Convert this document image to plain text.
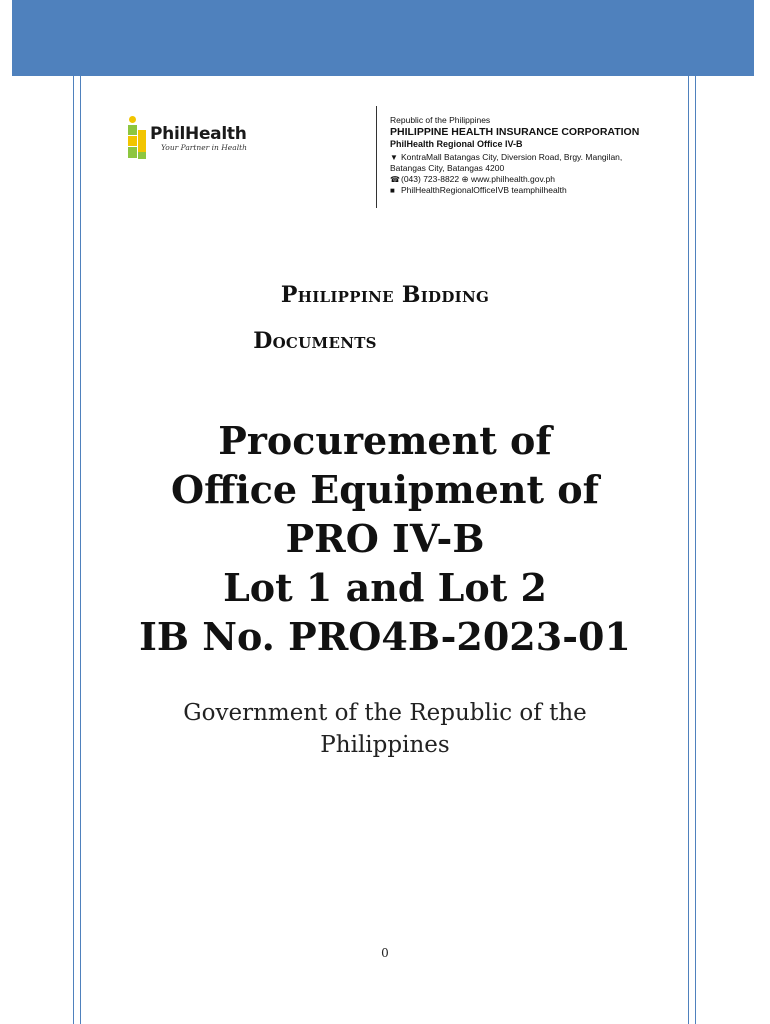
PhilHealth
Your Partner in Health
Republic of the Philippines
PHILIPPINE HEALTH INSURANCE CORPORATION
PhilHealth Regional Office IV-B
▼ KontraMall Batangas City, Diversion Road, Brgy. Mangilan,
Batangas City, Batangas 4200
☎(043) 723-8822 ⊕ www.philhealth.gov.ph
■ PhilHealthRegionalOfficeIVB teamphilhealth
Philippine Bidding
Documents
Procurement of
Office Equipment of
PRO IV-B
Lot 1 and Lot 2
IB No. PRO4B-2023-01
Government of the Republic of the
Philippines
0
